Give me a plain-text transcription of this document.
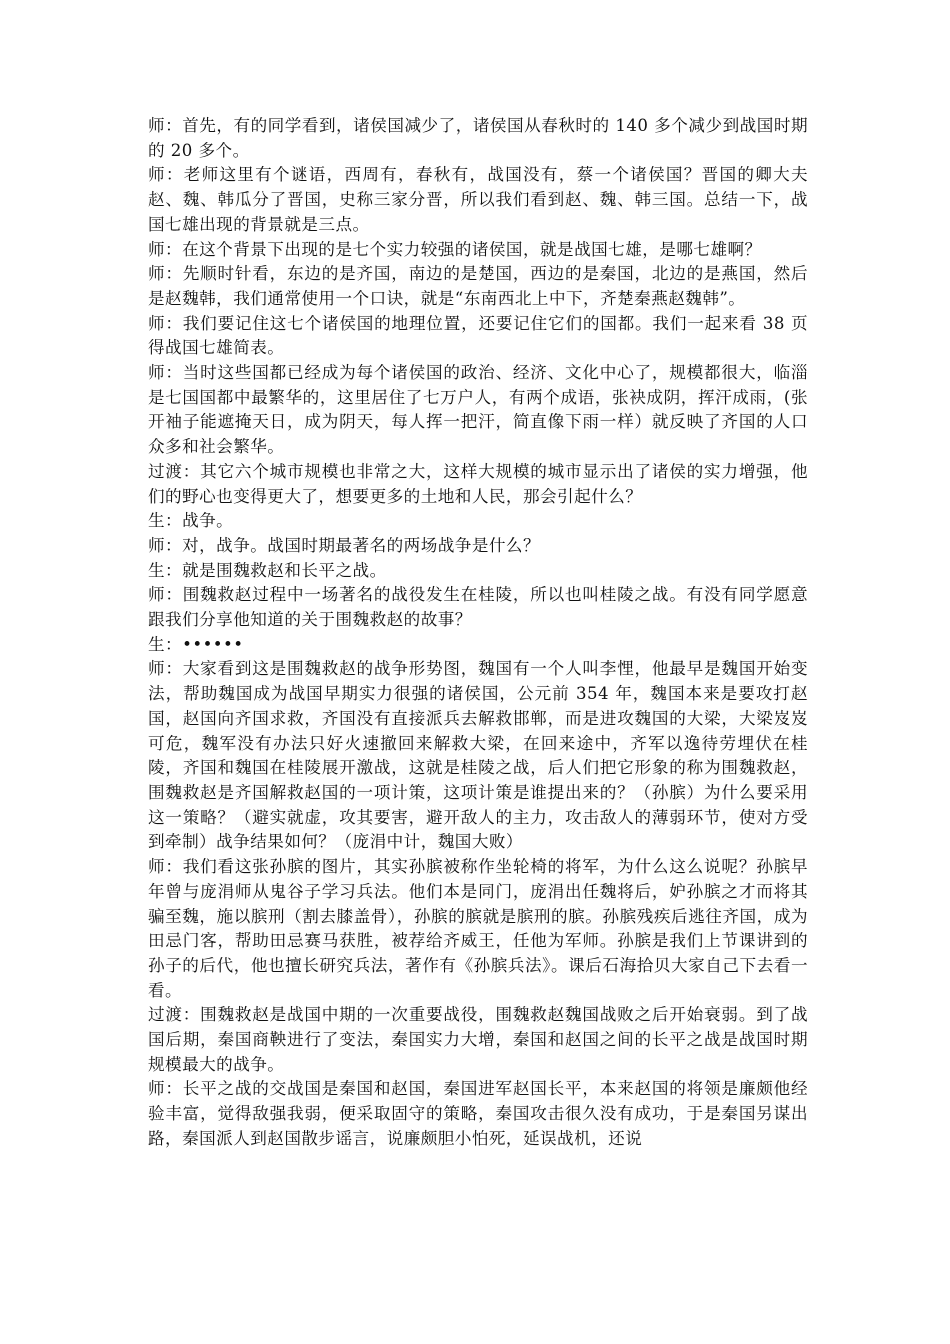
师：首先，有的同学看到，诸侯国减少了，诸侯国从春秋时的 140 多个减少到战国时期的 20 多个。

师：老师这里有个谜语，西周有，春秋有，战国没有，蔡一个诸侯国？晋国的卿大夫赵、魏、韩瓜分了晋国，史称三家分晋，所以我们看到赵、魏、韩三国。总结一下，战国七雄出现的背景就是三点。

师：在这个背景下出现的是七个实力较强的诸侯国，就是战国七雄，是哪七雄啊？

师：先顺时针看，东边的是齐国，南边的是楚国，西边的是秦国，北边的是燕国，然后是赵魏韩，我们通常使用一个口诀，就是“东南西北上中下，齐楚秦燕赵魏韩”。

师：我们要记住这七个诸侯国的地理位置，还要记住它们的国都。我们一起来看 38 页得战国七雄简表。

师：当时这些国都已经成为每个诸侯国的政治、经济、文化中心了，规模都很大，临淄是七国国都中最繁华的，这里居住了七万户人，有两个成语，张袂成阴，挥汗成雨，(张开袖子能遮掩天日，成为阴天，每人挥一把汗，简直像下雨一样）就反映了齐国的人口众多和社会繁华。

过渡：其它六个城市规模也非常之大，这样大规模的城市显示出了诸侯的实力增强，他们的野心也变得更大了，想要更多的土地和人民，那会引起什么？

生：战争。

师：对，战争。战国时期最著名的两场战争是什么？

生：就是围魏救赵和长平之战。

师：围魏救赵过程中一场著名的战役发生在桂陵，所以也叫桂陵之战。有没有同学愿意跟我们分享他知道的关于围魏救赵的故事？

生：••••••

师：大家看到这是围魏救赵的战争形势图，魏国有一个人叫李悝，他最早是魏国开始变法，帮助魏国成为战国早期实力很强的诸侯国，公元前 354 年，魏国本来是要攻打赵国，赵国向齐国求救，齐国没有直接派兵去解救邯郸，而是进攻魏国的大梁，大梁岌岌可危，魏军没有办法只好火速撤回来解救大梁，在回来途中，齐军以逸待劳埋伏在桂陵，齐国和魏国在桂陵展开激战，这就是桂陵之战，后人们把它形象的称为围魏救赵，围魏救赵是齐国解救赵国的一项计策，这项计策是谁提出来的？（孙膑）为什么要采用这一策略？（避实就虚，攻其要害，避开敌人的主力，攻击敌人的薄弱环节，使对方受到牵制）战争结果如何？（庞涓中计，魏国大败）

师：我们看这张孙膑的图片，其实孙膑被称作坐轮椅的将军，为什么这么说呢？孙膑早年曾与庞涓师从鬼谷子学习兵法。他们本是同门，庞涓出任魏将后，妒孙膑之才而将其骗至魏，施以膑刑（割去膝盖骨），孙膑的膑就是膑刑的膑。孙膑残疾后逃往齐国，成为田忌门客，帮助田忌赛马获胜，被荐给齐威王，任他为军师。孙膑是我们上节课讲到的孙子的后代，他也擅长研究兵法，著作有《孙膑兵法》。课后石海拾贝大家自己下去看一看。

过渡：围魏救赵是战国中期的一次重要战役，围魏救赵魏国战败之后开始衰弱。到了战国后期，秦国商鞅进行了变法，秦国实力大增，秦国和赵国之间的长平之战是战国时期规模最大的战争。

师：长平之战的交战国是秦国和赵国，秦国进军赵国长平，本来赵国的将领是廉颇他经验丰富，觉得敌强我弱，便采取固守的策略，秦国攻击很久没有成功，于是秦国另谋出路，秦国派人到赵国散步谣言，说廉颇胆小怕死，延误战机，还说
